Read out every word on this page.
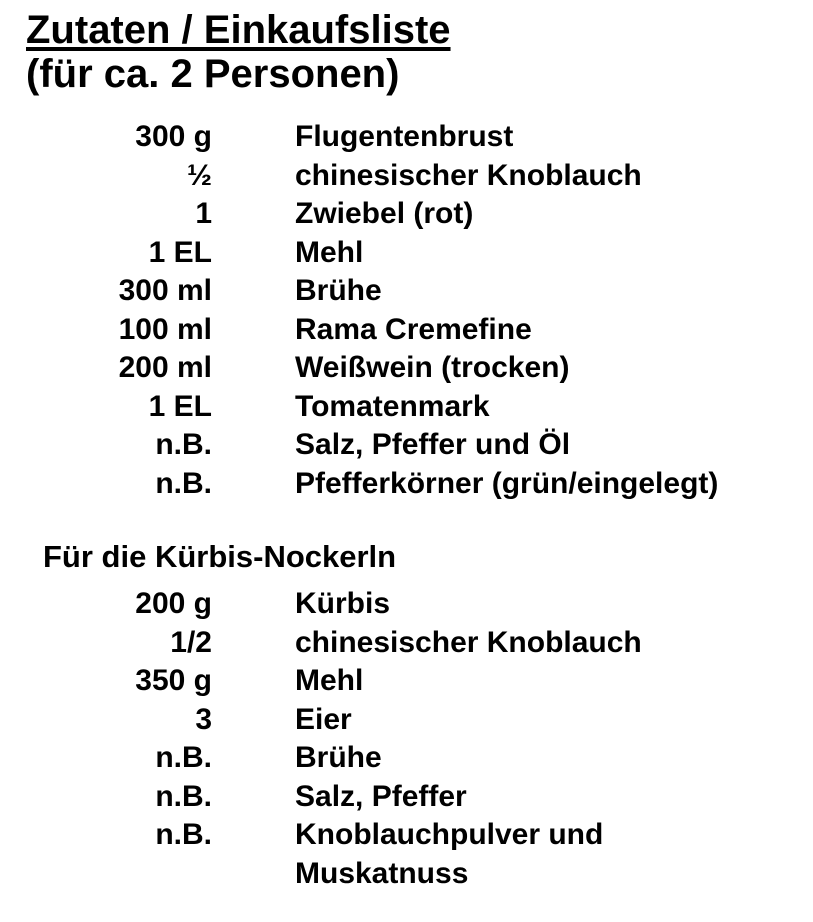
Zutaten / Einkaufsliste
(für ca. 2 Personen)
300 g	Flugentenbrust
½	chinesischer Knoblauch
1	Zwiebel (rot)
1 EL	Mehl
300 ml	Brühe
100 ml	Rama Cremefine
200 ml	Weißwein (trocken)
1 EL	Tomatenmark
n.B.	Salz, Pfeffer und Öl
n.B.	Pfefferkörner (grün/eingelegt)
Für die Kürbis-Nockerln
200 g	Kürbis
1/2	chinesischer Knoblauch
350 g	Mehl
3	Eier
n.B.	Brühe
n.B.	Salz, Pfeffer
n.B.	Knoblauchpulver und Muskatnuss
